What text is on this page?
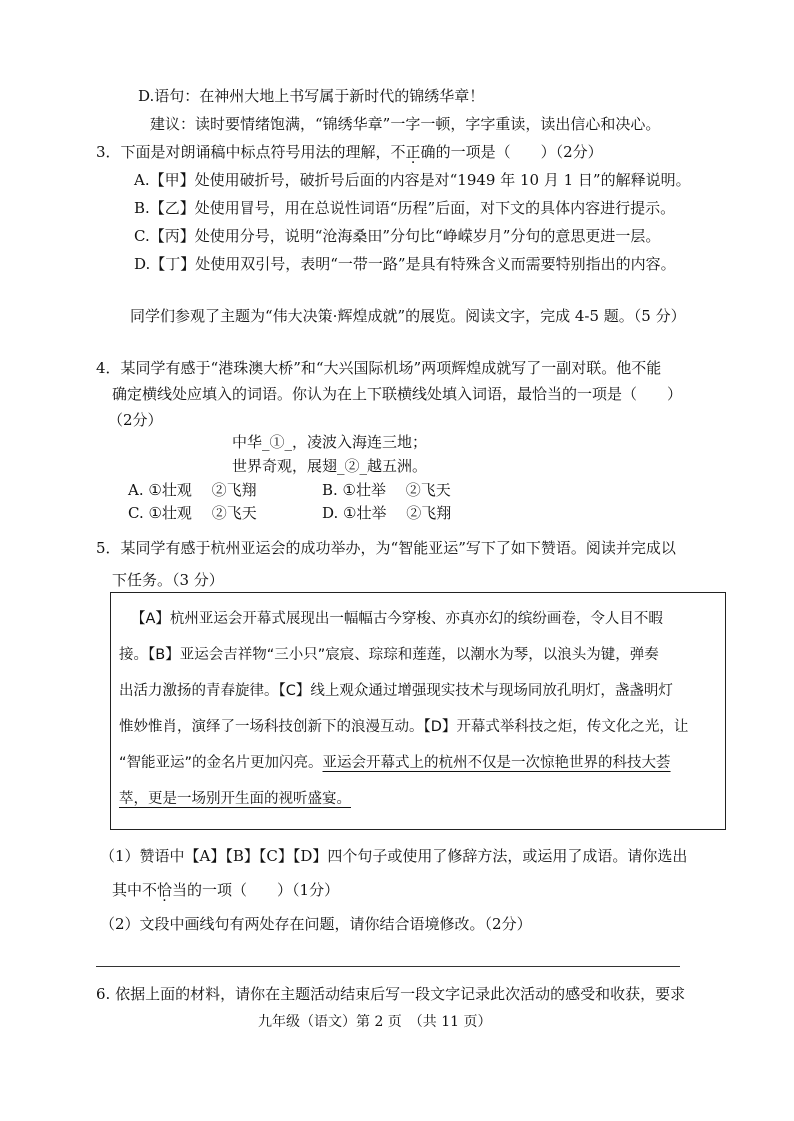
D.语句：在神州大地上书写属于新时代的锦绣华章！
建议：读时要情绪饱满，“锦绣华章”一字一顿，字字重读，读出信心和决心。
3．下面是对朗诵稿中标点符号用法的理解，不正确的一项是（　　）（2分）
A.【甲】处使用破折号，破折号后面的内容是对“1949 年 10 月 1 日”的解释说明。
B.【乙】处使用冒号，用在总说性词语“历程”后面，对下文的具体内容进行提示。
C.【丙】处使用分号，说明“沧海桑田”分句比“峥嵘岁月”分句的意思更进一层。
D.【丁】处使用双引号，表明“一带一路”是具有特殊含义而需要特别指出的内容。
同学们参观了主题为“伟大决策·辉煌成就”的展览。阅读文字，完成 4-5 题。（5 分）
4．某同学有感于“港珠澳大桥”和“大兴国际机场”两项辉煌成就写了一副对联。他不能
确定横线处应填入的词语。你认为在上下联横线处填入词语，最恰当的一项是（　　）
（2分）
中华_①_，凌波入海连三地；
世界奇观，展翅_②_越五洲。
A. ①壮观　 ②飞翔	B. ①壮举　 ②飞天
C. ①壮观　 ②飞天	D. ①壮举　 ②飞翔
5．某同学有感于杭州亚运会的成功举办，为“智能亚运”写下了如下赞语。阅读并完成以
下任务。（3 分）
【A】杭州亚运会开幕式展现出一幅幅古今穿梭、亦真亦幻的缤纷画卷，令人目不暇
接。【B】亚运会吉祥物“三小只”宸宸、琮琮和莲莲，以潮水为琴，以浪头为键，弹奏
出活力激扬的青春旋律。【C】线上观众通过增强现实技术与现场同放孔明灯，盏盏明灯
惟妙惟肖，演绎了一场科技创新下的浪漫互动。【D】开幕式举科技之炬，传文化之光，让
“智能亚运”的金名片更加闪亮。亚运会开幕式上的杭州不仅是一次惊艳世界的科技大荟
萃，更是一场别开生面的视听盛宴。
（1）赞语中【A】【B】【C】【D】四个句子或使用了修辞方法，或运用了成语。请你选出
其中不恰当的一项（　　）（1分）
（2）文段中画线句有两处存在问题，请你结合语境修改。（2分）
6. 依据上面的材料，请你在主题活动结束后写一段文字记录此次活动的感受和收获，要求
九年级（语文）第 2 页　（共 11 页）
